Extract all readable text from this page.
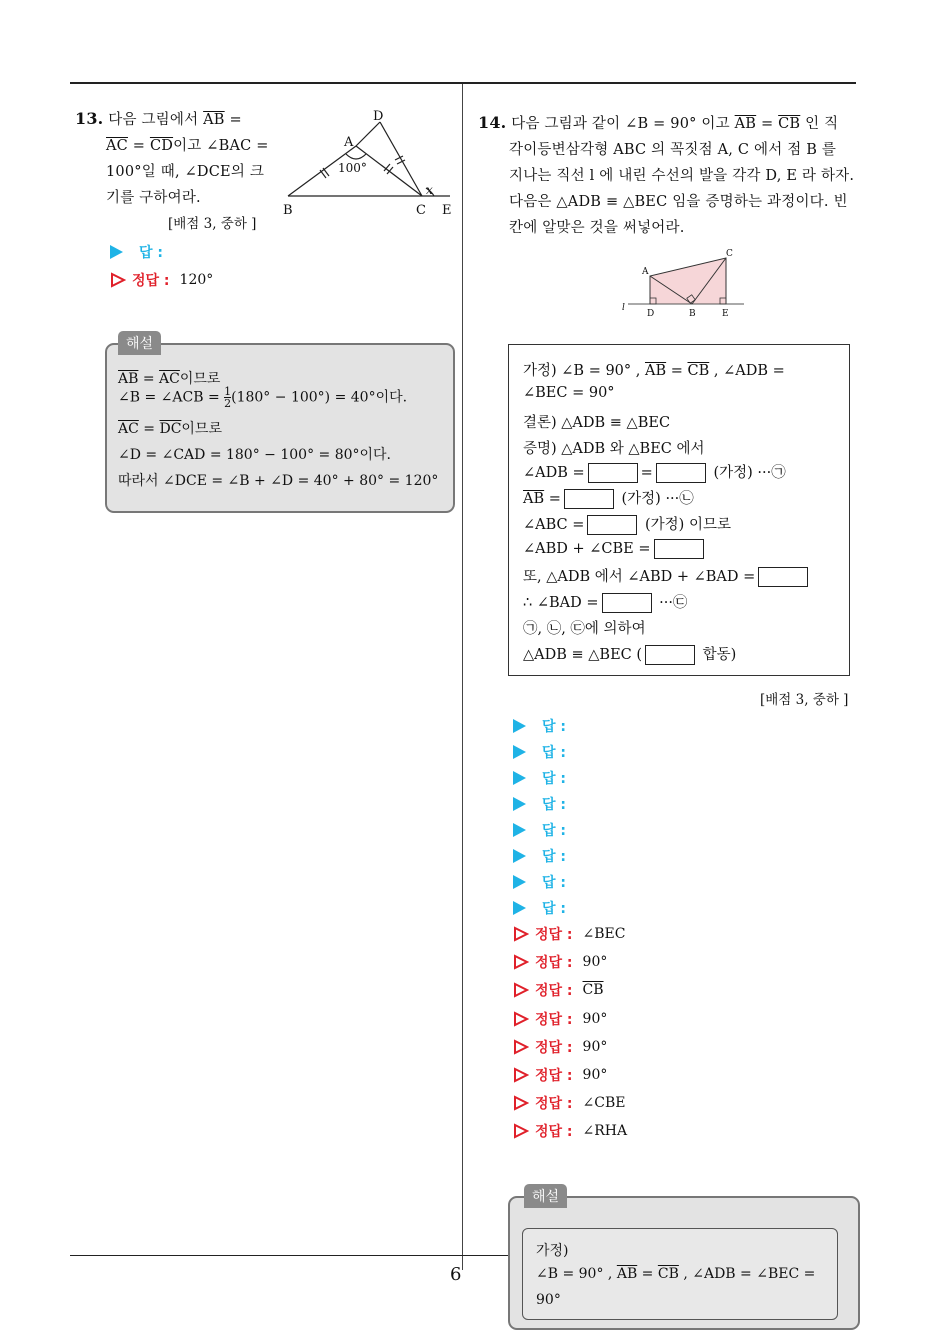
13. 다음 그림에서 $\overline{AB}$ =
$\overline{AC} = \overline{CD}$이고 ∠BAC =
100°일 때, ∠DCE의 크
기를 구하여라.
[배점 3, 중하 ]
D
A
100°
B	C E
x
답 :
정답 : 120°
해설
$\overline{AB} = \overline{AC}$이므로
∠B = ∠ACB = $\frac{1}{2} (180^\circ - 100^\circ) = 40^\circ$이다.
$\overline{AC} = \overline{DC}$이므로
∠D = ∠CAD = 180° − 100° = 80°이다.
따라서 ∠DCE = ∠B + ∠D = 40° + 80° = 120°
14. 다음 그림과 같이 ∠B = 90° 이고 $\overline{AB} = \overline{CB}$ 인 직
각이등변삼각형 ABC 의 꼭짓점 A, C 에서 점 B 를
지나는 직선 l 에 내린 수선의 발을 각각 D, E 라 하자.
다음은 △ADB ≡ △BEC 임을 증명하는 과정이다. 빈
칸에 알맞은 것을 써넣어라.
A
C
l
D	B	E
가정) ∠B = 90° , $\overline{AB} = \overline{CB}$ , ∠ADB =
∠BEC = 90°
결론) △ADB ≡ △BEC
증명) △ADB 와 △BEC 에서
∠ADB =	=	(가정) ···㉠
$\overline{AB}$ =	(가정) ···㉡
∠ABC =	(가정) 이므로
∠ABD + ∠CBE =
또, △ADB 에서 ∠ABD + ∠BAD =
∴ ∠BAD =	···㉢
㉠, ㉡, ㉢에 의하여
△ADB ≡ △BEC (	합동)
[배점 3, 중하 ]
답 :
답 :
답 :
답 :
답 :
답 :
답 :
답 :
정답 : ∠BEC
정답 : 90°
정답 : $\overline{CB}$
정답 : 90°
정답 : 90°
정답 : 90°
정답 : ∠CBE
정답 : ∠RHA
해설
가정)
∠B = 90° , $\overline{AB} = \overline{CB}$ , ∠ADB = ∠BEC =
90°
6
